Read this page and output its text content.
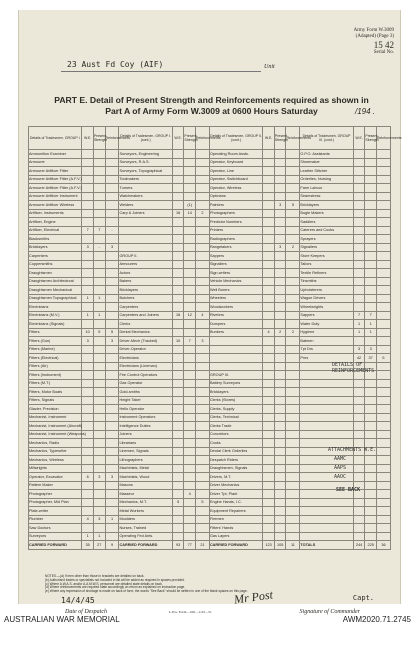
Army Form W.3009
(Adapted) (Page 3)
15 42
Serial No.
23 Aust Fd Coy (AIF)	Unit
PART E. Detail of Present Strength and Reinforcements required as shown in
Part A of Army Form W.3009 at 0600 Hours Saturday	/194 .
Details of Tradesmen. GROUP I.	W.E.	Present Strength	Reinforcements	Details of Tradesmen. GROUP I. (cont.)	W.E.	Present Strength	Reinforcements	Details of Tradesmen. GROUP II. (cont.)	W.E.	Present Strength	Reinforcements	Details of Tradesmen. GROUP III. (cont.)	W.E.	Present Strength	Reinforcements
Ammunition Examiner				Surveyors, Engineering				Operating Room Assts.				G.P.O. Assistants			
Armourer				Surveyors, R.A.S.				Operator, Keyboard				Shoemaker			
Armourer Artificer Fitter				Surveyors, Topographical				Operator, Line				Leather Stitcher			
Armourer Artificer Fitter (A.F.V.)				Toolmakers				Operator, Switchboard				Orderlies, Nursing			
Armourer Artificer Fitter (A.F.V.)				Turners				Operator, Wireless				Farm Labour			
Armourer Artificer Instrument				Watchmakers				Opticians				Seamstress			
Armourer Artificer Wireless				Welders		(1)		Painters		3	5	Bricklayers			
Artificer, Instruments				Carp & Joiners	16	14	2	Photographers				Bugle Makers			
Artificer, Engine								Predictor Numbers				Saddlers			
Artificer, Electrical	7	7	-					Printers				Caterers and Cooks			
Blacksmiths								Radiographers				Sprayers			
Bricklayers	3	-	3					Rangetakers		3	2	Signallers			
Carpenters				GROUP II.				Sappers				Store Keepers			
Coppersmiths				Armourers				Signallers				Tailors			
Draughtsmen				Actors				Sign-writers				Textile Refiners			
Draughtsmen Architectural				Bakers				Vehicle Mechanics				Tinsmiths			
Draughtsmen Mechanical				Bricklayers				Well Borers				Upholsterers			
Draughtsmen Topographical	1	1		Butchers				Wheelers				Wagon Drivers			
Electricians				Carpenters				Woodworkers				Wheelwrights			
Electricians (M.V.)	1	1		Carpenters and Joiners	16	12	4	Riveters				Sappers	7	7	
Electricians (Signals)				Clerks				Dumpers				Water Duty	1	1	
Fitters	10	5	5	Dental Mechanics				Bunkers	4	2	2	Hygiene	1	1	
Fitters (Gun)	3		3	Driver-Mech (Tracked)	10	7	3					Batmen			
Fitters (Marine)				Driver-Operator								Tpt Drs	3	3	
Fitters (Electrical)				Electricians								Pnrs	42	37	5
Fitters (Air)				Electricians (Lineman)											
Fitters (Instrument)				Fire Control Operators				GROUP III.							
Fitters (M.T.)				Gas Operator				Battery Surveyors							
Fitters, Motor Boats				Gold-smiths				Bricklayers							
Fitters, Signals				Height Taker				Clerks (Stores)							
Glazier, Precision				Hello Operator				Clerks, Supply							
Mechanist, Instrument				Instrument Operators				Clerks, Technical							
Mechanist, Instrument (Aircraft)				Intelligence Duties				Clerks Trade							
Mechanist, Instrument (Weapons)				Joiners				Concretors							
Mechanics, Radio				Librarians				Cooks							
Mechanics, Typewriter				Linemen, Signals				Dental Clerk Orderlies							
Mechanics, Wireless				Lithographers				Despatch Riders							
Millwrights				Machinists, Metal				Draughtsmen, Signals							
Operator, Excavator	6	3	3	Machinists, Wood				Drivers, M.T.							
Pattern Maker				Masons				Driver Mechanics							
Photographer				Masseur		4		Driver Tpt, Plant							
Photographer, Mid Plan				Mechanics, M.T.	5		5	Engine Hands, I.C.							
Plate-writer				Metal Workers				Equipment Repairers							
Plumber	4	3	1	Moulders				Firemen							
Saw Doctors				Nurses, Trained				Fitters' Hands							
Surveyors	1	1		Operating Fed Ants.				Gas Layers							
CARRIED FORWARD	35	27	9	CARRIED FORWARD	93	77	21	CARRIED FORWARD	123	105	11	TOTALS	244	225	36
DETAILS OF REINFORCEMENTS
SEE BACK
ATTACHMENTS W.E.
AAMC
AAPS
AAOC
NOTES.—(a) If men other than those in brackets are detailed on back.
(b) Authorised trades or specialists not included in list will be added as required in spaces provided.
(c) Where A.W.A.S. and/or A.A.M.W.S. personnel are detailed state details on back.
(d) Where reinforcements are required state accordingly on return as explained on instruction page.
(e) Where any impression of shortage is made on back of form, the words "See Back" should be written in one of the blank spaces on this page.
14/4/45
Date of Despatch
Mr Post	Capt.
Signature of Commander
L.P.G. Form—100—1/43—51
AUSTRALIAN WAR MEMORIAL	AWM2020.71.2745
